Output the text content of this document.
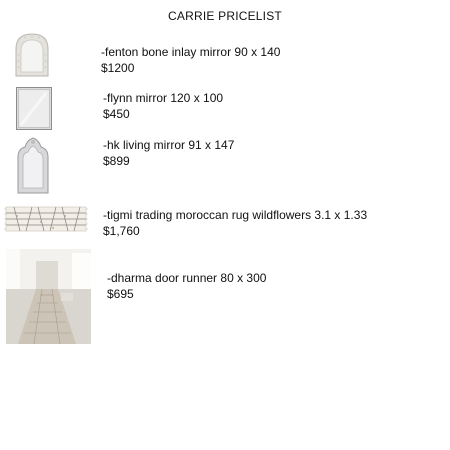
CARRIE PRICELIST
-fenton bone inlay mirror 90 x 140
$1200
-flynn mirror 120 x 100
$450
-hk living mirror 91 x 147
$899
-tigmi trading moroccan rug wildflowers 3.1 x 1.33
$1,760
-dharma door runner 80 x 300
$695
